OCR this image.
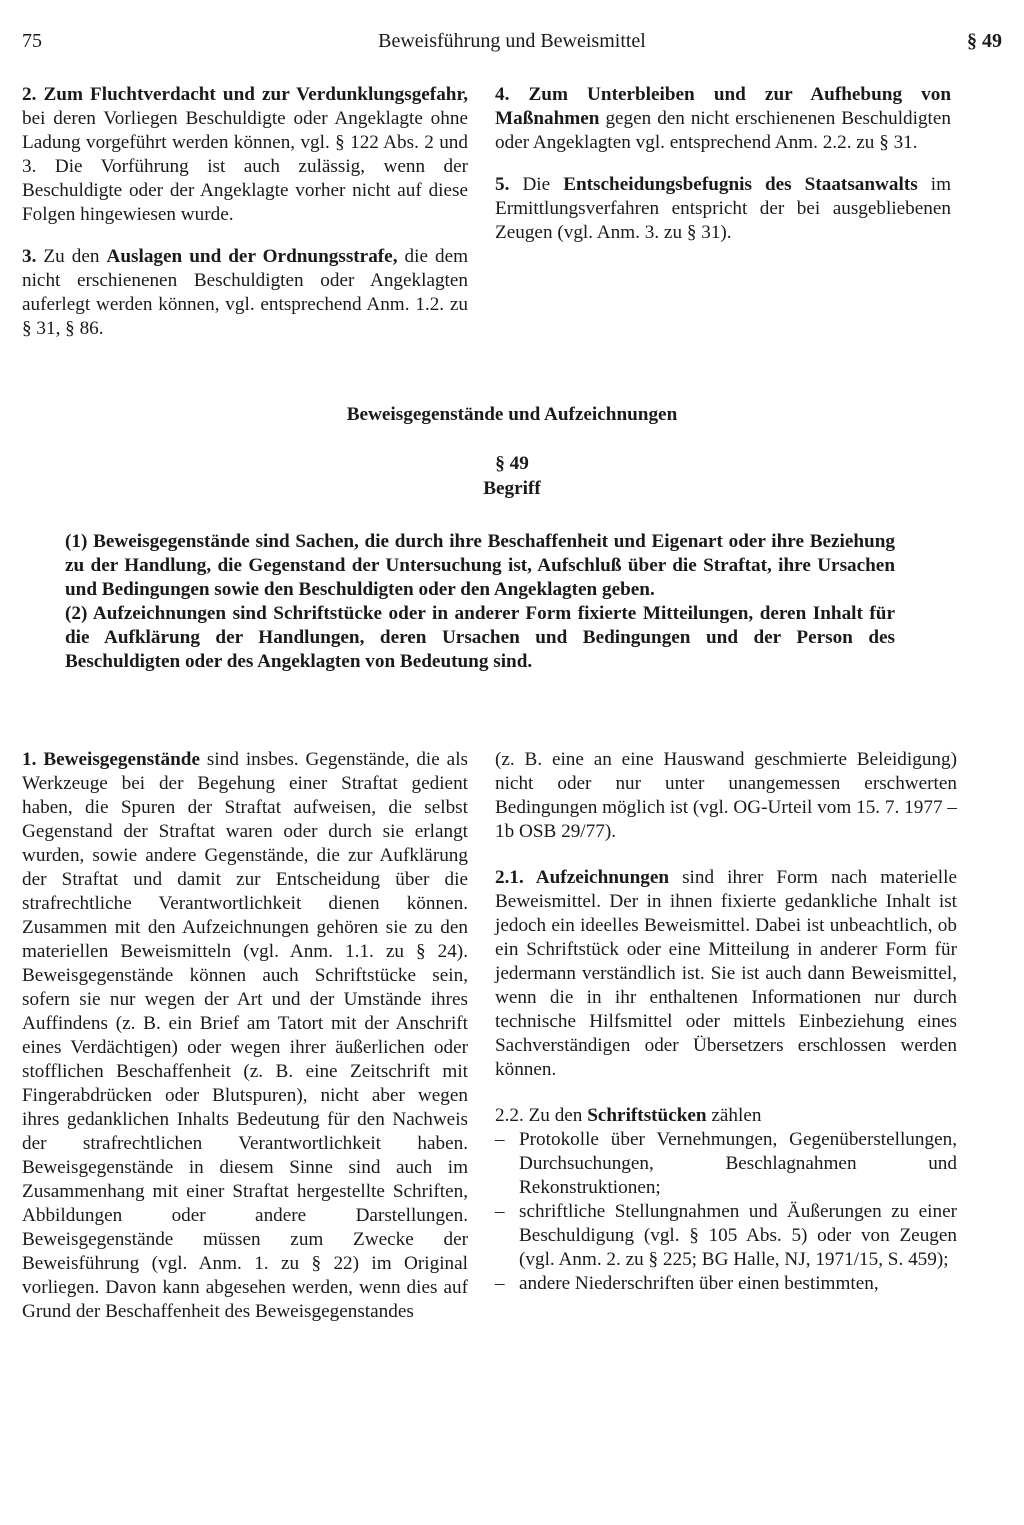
75	Beweisführung und Beweismittel	§ 49

2. Zum Fluchtverdacht und zur Verdunklungsgefahr, bei deren Vorliegen Beschuldigte oder Angeklagte ohne Ladung vorgeführt werden können, vgl. § 122 Abs. 2 und 3. Die Vorführung ist auch zulässig, wenn der Beschuldigte oder der Angeklagte vorher nicht auf diese Folgen hingewiesen wurde.

3. Zu den Auslagen und der Ordnungsstrafe, die dem nicht erschienenen Beschuldigten oder Angeklagten auferlegt werden können, vgl. entsprechend Anm. 1.2. zu § 31, § 86.

4. Zum Unterbleiben und zur Aufhebung von Maßnahmen gegen den nicht erschienenen Beschuldigten oder Angeklagten vgl. entsprechend Anm. 2.2. zu § 31.

5. Die Entscheidungsbefugnis des Staatsanwalts im Ermittlungsverfahren entspricht der bei ausgebliebenen Zeugen (vgl. Anm. 3. zu § 31).

Beweisgegenstände und Aufzeichnungen
§ 49
Begriff

(1) Beweisgegenstände sind Sachen, die durch ihre Beschaffenheit und Eigenart oder ihre Beziehung zu der Handlung, die Gegenstand der Untersuchung ist, Aufschluß über die Straftat, ihre Ursachen und Bedingungen sowie den Beschuldigten oder den Angeklagten geben.

(2) Aufzeichnungen sind Schriftstücke oder in anderer Form fixierte Mitteilungen, deren Inhalt für die Aufklärung der Handlungen, deren Ursachen und Bedingungen und der Person des Beschuldigten oder des Angeklagten von Bedeutung sind.

1. Beweisgegenstände sind insbes. Gegenstände, die als Werkzeuge bei der Begehung einer Straftat gedient haben, die Spuren der Straftat aufweisen, die selbst Gegenstand der Straftat waren oder durch sie erlangt wurden, sowie andere Gegenstände, die zur Aufklärung der Straftat und damit zur Entscheidung über die strafrechtliche Verantwortlichkeit dienen können. Zusammen mit den Aufzeichnungen gehören sie zu den materiellen Beweismitteln (vgl. Anm. 1.1. zu § 24). Beweisgegenstände können auch Schriftstücke sein, sofern sie nur wegen der Art und der Umstände ihres Auffindens (z. B. ein Brief am Tatort mit der Anschrift eines Verdächtigen) oder wegen ihrer äußerlichen oder stofflichen Beschaffenheit (z. B. eine Zeitschrift mit Fingerabdrücken oder Blutspuren), nicht aber wegen ihres gedanklichen Inhalts Bedeutung für den Nachweis der strafrechtlichen Verantwortlichkeit haben. Beweisgegenstände in diesem Sinne sind auch im Zusammenhang mit einer Straftat hergestellte Schriften, Abbildungen oder andere Darstellungen. Beweisgegenstände müssen zum Zwecke der Beweisführung (vgl. Anm. 1. zu § 22) im Original vorliegen. Davon kann abgesehen werden, wenn dies auf Grund der Beschaffenheit des Beweisgegenstandes

(z. B. eine an eine Hauswand geschmierte Beleidigung) nicht oder nur unter unangemessen erschwerten Bedingungen möglich ist (vgl. OG-Urteil vom 15. 7. 1977 – 1b OSB 29/77).

2.1. Aufzeichnungen sind ihrer Form nach materielle Beweismittel. Der in ihnen fixierte gedankliche Inhalt ist jedoch ein ideelles Beweismittel. Dabei ist unbeachtlich, ob ein Schriftstück oder eine Mitteilung in anderer Form für jedermann verständlich ist. Sie ist auch dann Beweismittel, wenn die in ihr enthaltenen Informationen nur durch technische Hilfsmittel oder mittels Einbeziehung eines Sachverständigen oder Übersetzers erschlossen werden können.

2.2. Zu den Schriftstücken zählen

– Protokolle über Vernehmungen, Gegenüberstellungen, Durchsuchungen, Beschlagnahmen und Rekonstruktionen;
– schriftliche Stellungnahmen und Äußerungen zu einer Beschuldigung (vgl. § 105 Abs. 5) oder von Zeugen (vgl. Anm. 2. zu § 225; BG Halle, NJ, 1971/15, S. 459);
– andere Niederschriften über einen bestimmten,
